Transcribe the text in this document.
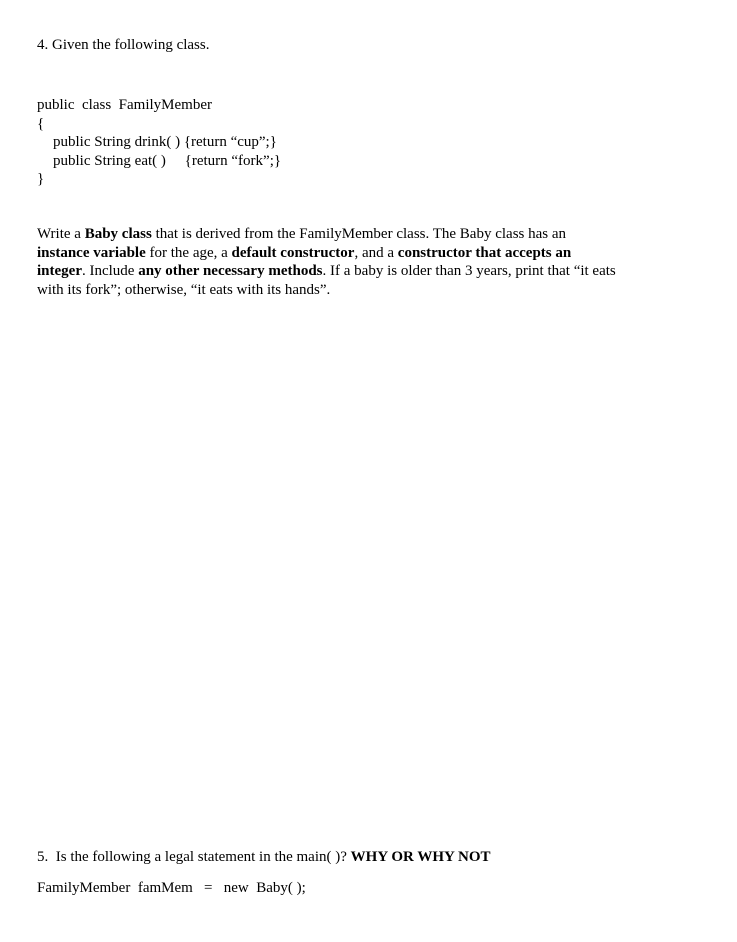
4. Given the following class.
public  class  FamilyMember
{
public String drink( ) {return “cup”;}
public String eat( )     {return “fork”;}
}
Write a Baby class that is derived from the FamilyMember class. The Baby class has an
instance variable for the age, a default constructor, and a constructor that accepts an
integer. Include any other necessary methods. If a baby is older than 3 years, print that “it eats
with its fork”; otherwise, “it eats with its hands”.
5.  Is the following a legal statement in the main( )? WHY OR WHY NOT
FamilyMember  famMem   =   new  Baby( );
